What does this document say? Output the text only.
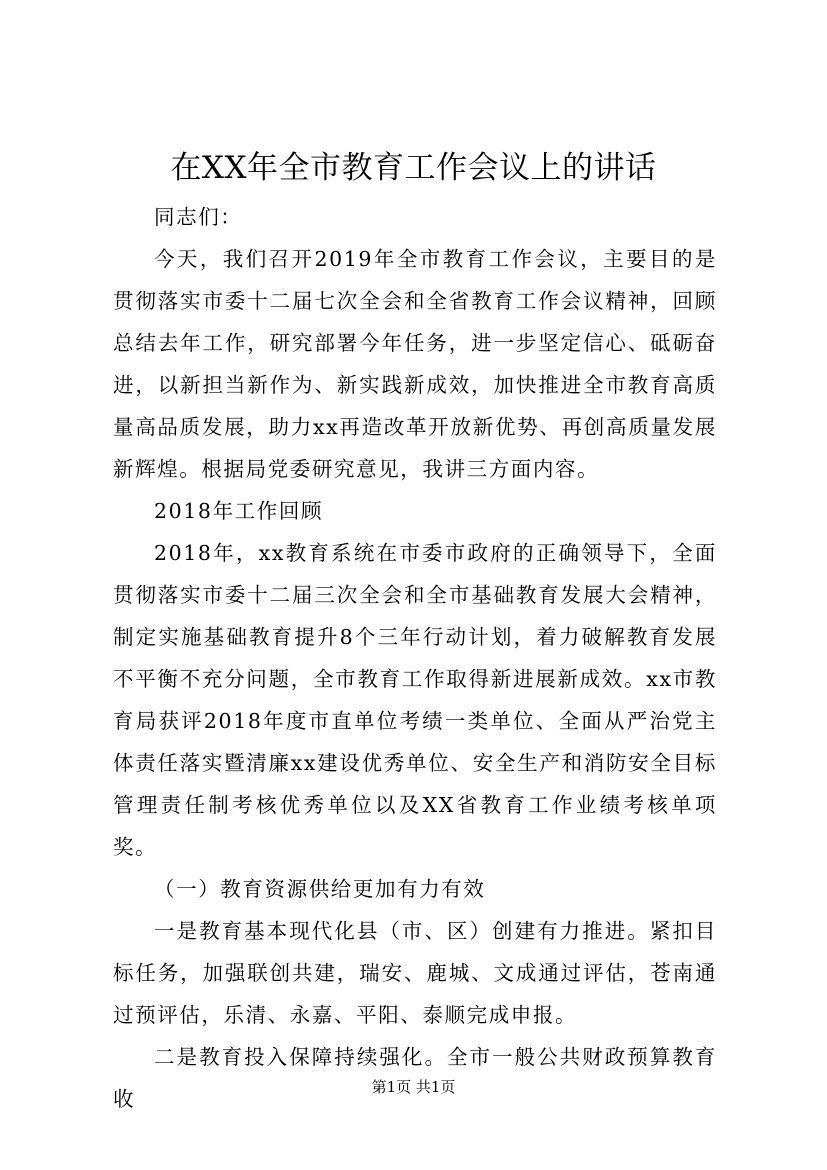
在XX年全市教育工作会议上的讲话

同志们：

今天，我们召开2019年全市教育工作会议，主要目的是贯彻落实市委十二届七次全会和全省教育工作会议精神，回顾总结去年工作，研究部署今年任务，进一步坚定信心、砥砺奋进，以新担当新作为、新实践新成效，加快推进全市教育高质量高品质发展，助力xx再造改革开放新优势、再创高质量发展新辉煌。根据局党委研究意见，我讲三方面内容。

2018年工作回顾

2018年，xx教育系统在市委市政府的正确领导下，全面贯彻落实市委十二届三次全会和全市基础教育发展大会精神，制定实施基础教育提升8个三年行动计划，着力破解教育发展不平衡不充分问题，全市教育工作取得新进展新成效。xx市教育局获评2018年度市直单位考绩一类单位、全面从严治党主体责任落实暨清廉xx建设优秀单位、安全生产和消防安全目标管理责任制考核优秀单位以及XX省教育工作业绩考核单项奖。

（一）教育资源供给更加有力有效

一是教育基本现代化县（市、区）创建有力推进。紧扣目标任务，加强联创共建，瑞安、鹿城、文成通过评估，苍南通过预评估，乐清、永嘉、平阳、泰顺完成申报。

二是教育投入保障持续强化。全市一般公共财政预算教育收	第1页 共1页
